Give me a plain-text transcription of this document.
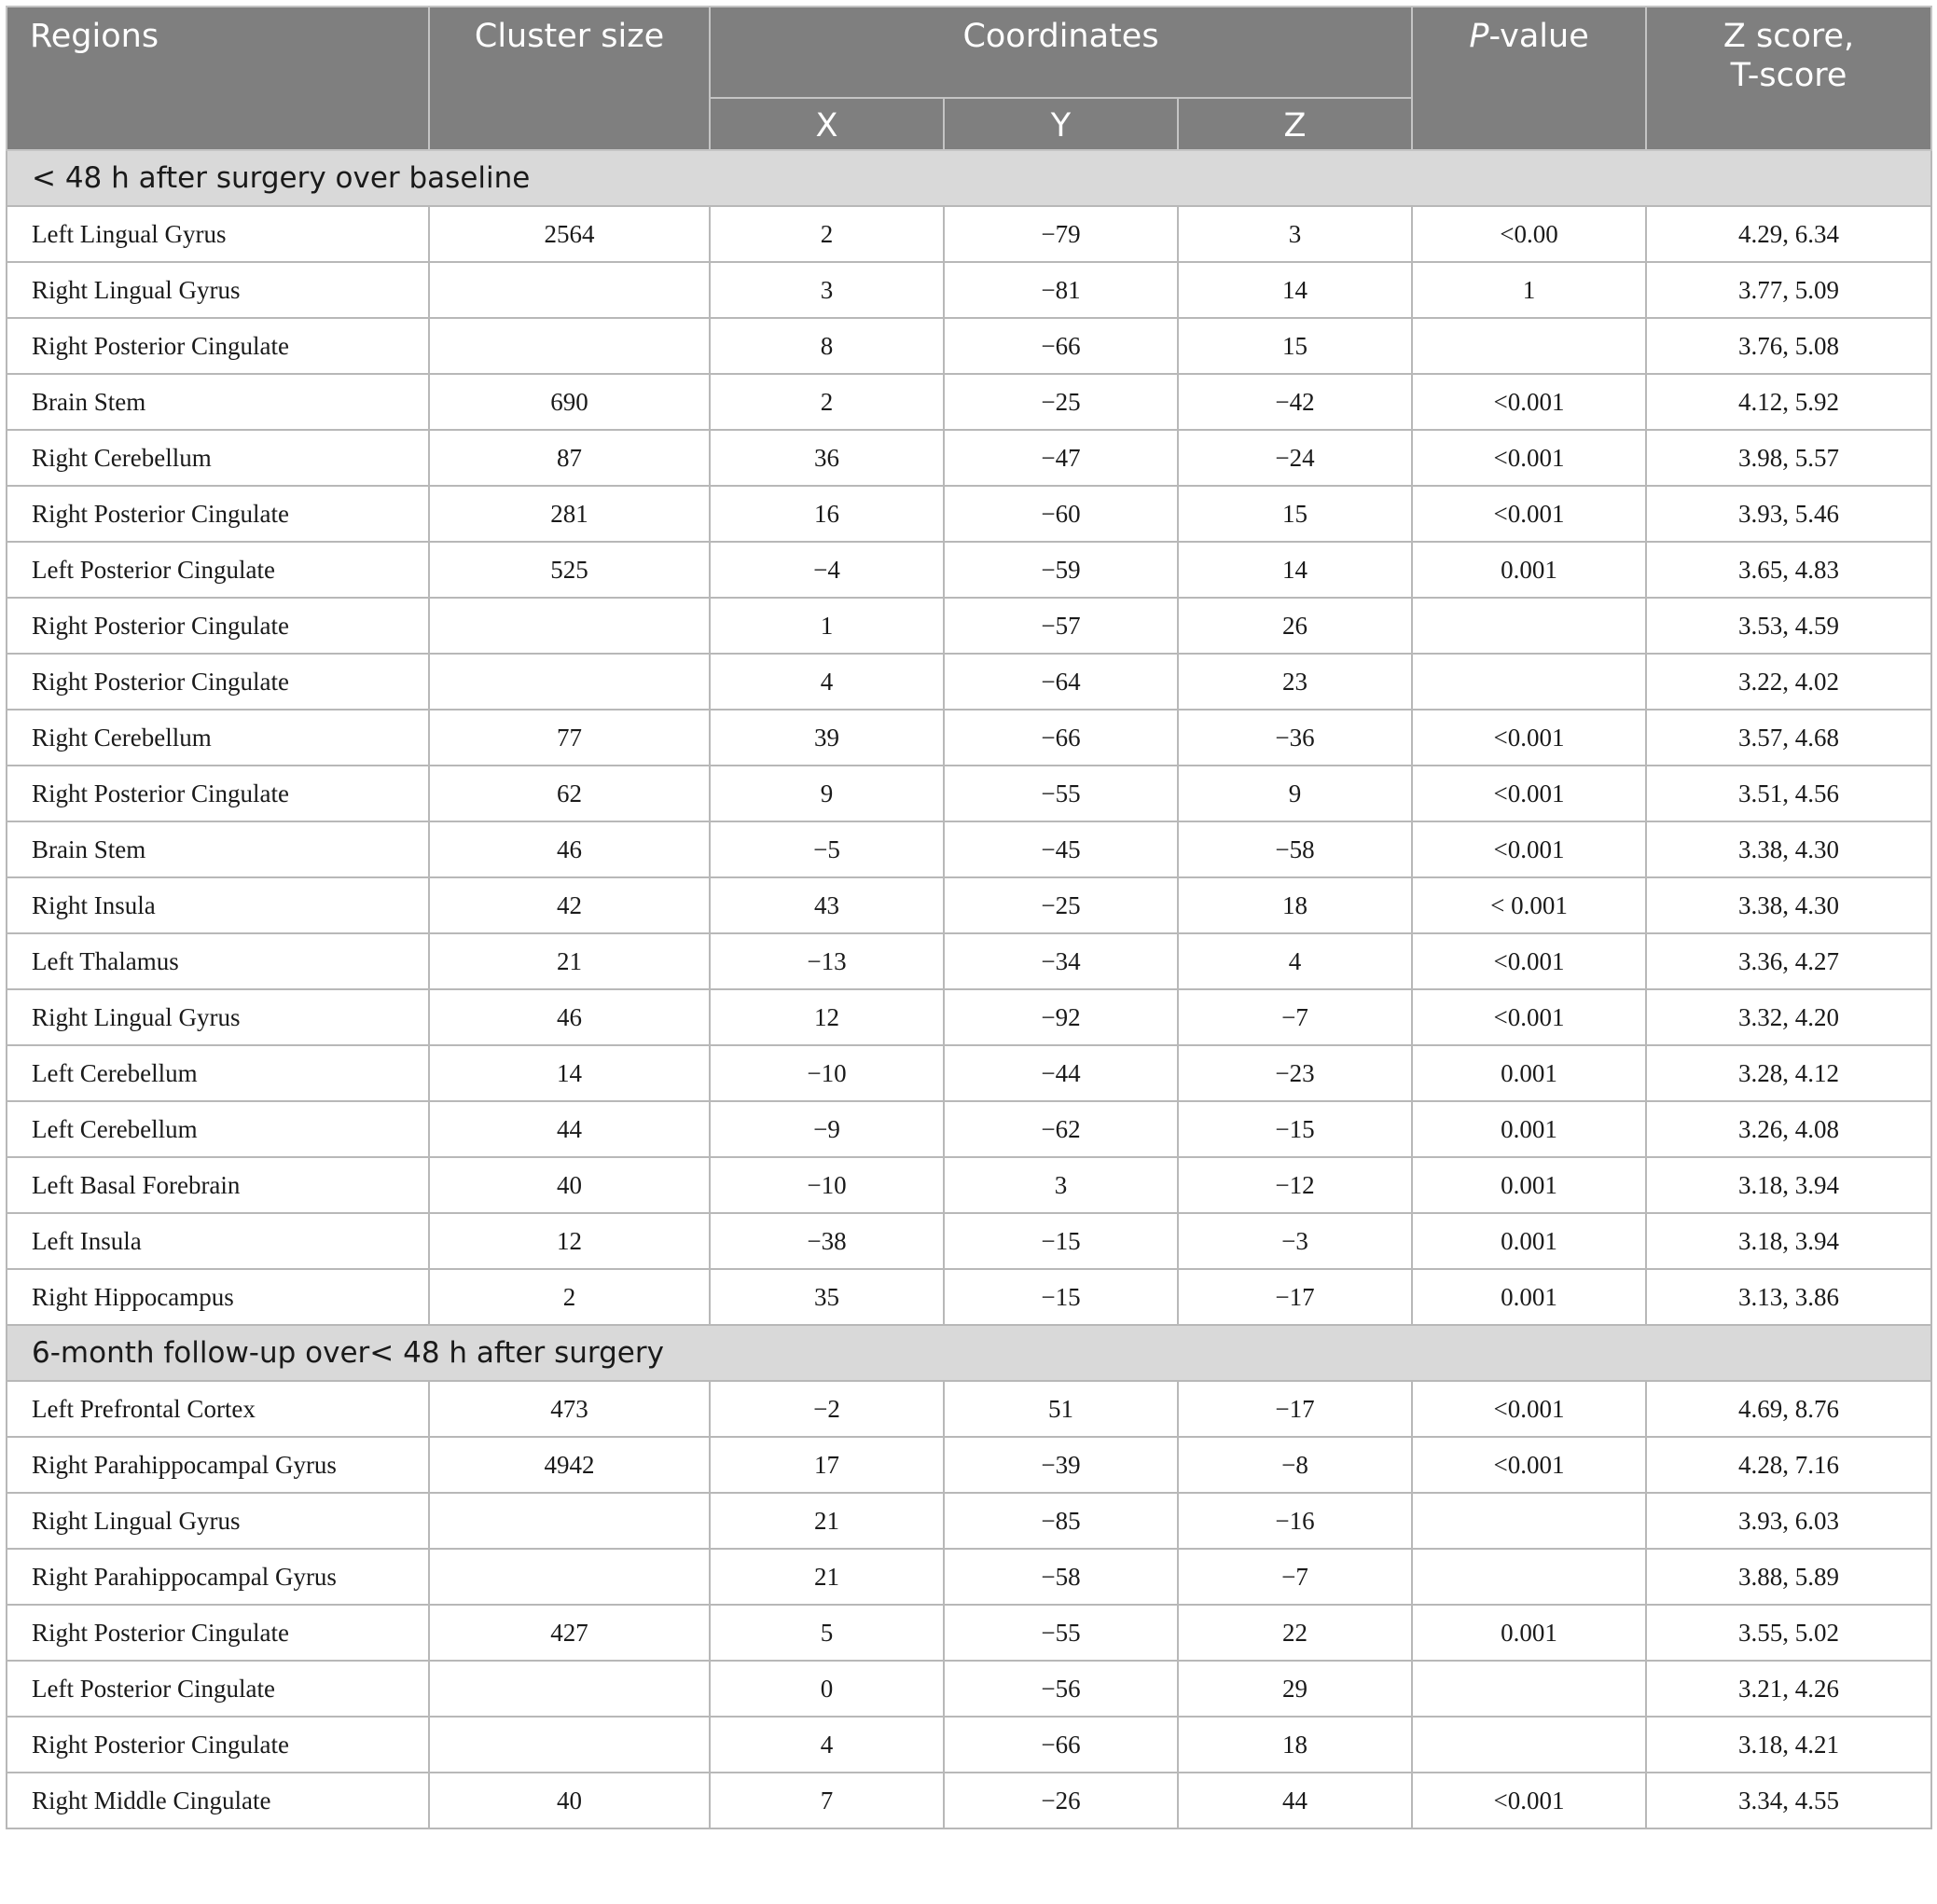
Regions	Cluster size	Coordinates			P-value	Z score,
T-score
		X	Y	Z		
< 48 h after surgery over baseline						
Left Lingual Gyrus	2564	2	−79	3	<0.00	4.29, 6.34
Right Lingual Gyrus		3	−81	14	1	3.77, 5.09
Right Posterior Cingulate		8	−66	15		3.76, 5.08
Brain Stem	690	2	−25	−42	<0.001	4.12, 5.92
Right Cerebellum	87	36	−47	−24	<0.001	3.98, 5.57
Right Posterior Cingulate	281	16	−60	15	<0.001	3.93, 5.46
Left Posterior Cingulate	525	−4	−59	14	0.001	3.65, 4.83
Right Posterior Cingulate		1	−57	26		3.53, 4.59
Right Posterior Cingulate		4	−64	23		3.22, 4.02
Right Cerebellum	77	39	−66	−36	<0.001	3.57, 4.68
Right Posterior Cingulate	62	9	−55	9	<0.001	3.51, 4.56
Brain Stem	46	−5	−45	−58	<0.001	3.38, 4.30
Right Insula	42	43	−25	18	< 0.001	3.38, 4.30
Left Thalamus	21	−13	−34	4	<0.001	3.36, 4.27
Right Lingual Gyrus	46	12	−92	−7	<0.001	3.32, 4.20
Left Cerebellum	14	−10	−44	−23	0.001	3.28, 4.12
Left Cerebellum	44	−9	−62	−15	0.001	3.26, 4.08
Left Basal Forebrain	40	−10	3	−12	0.001	3.18, 3.94
Left Insula	12	−38	−15	−3	0.001	3.18, 3.94
Right Hippocampus	2	35	−15	−17	0.001	3.13, 3.86
6-month follow-up over< 48 h after surgery						
Left Prefrontal Cortex	473	−2	51	−17	<0.001	4.69, 8.76
Right Parahippocampal Gyrus	4942	17	−39	−8	<0.001	4.28, 7.16
Right Lingual Gyrus		21	−85	−16		3.93, 6.03
Right Parahippocampal Gyrus		21	−58	−7		3.88, 5.89
Right Posterior Cingulate	427	5	−55	22	0.001	3.55, 5.02
Left Posterior Cingulate		0	−56	29		3.21, 4.26
Right Posterior Cingulate		4	−66	18		3.18, 4.21
Right Middle Cingulate	40	7	−26	44	<0.001	3.34, 4.55
